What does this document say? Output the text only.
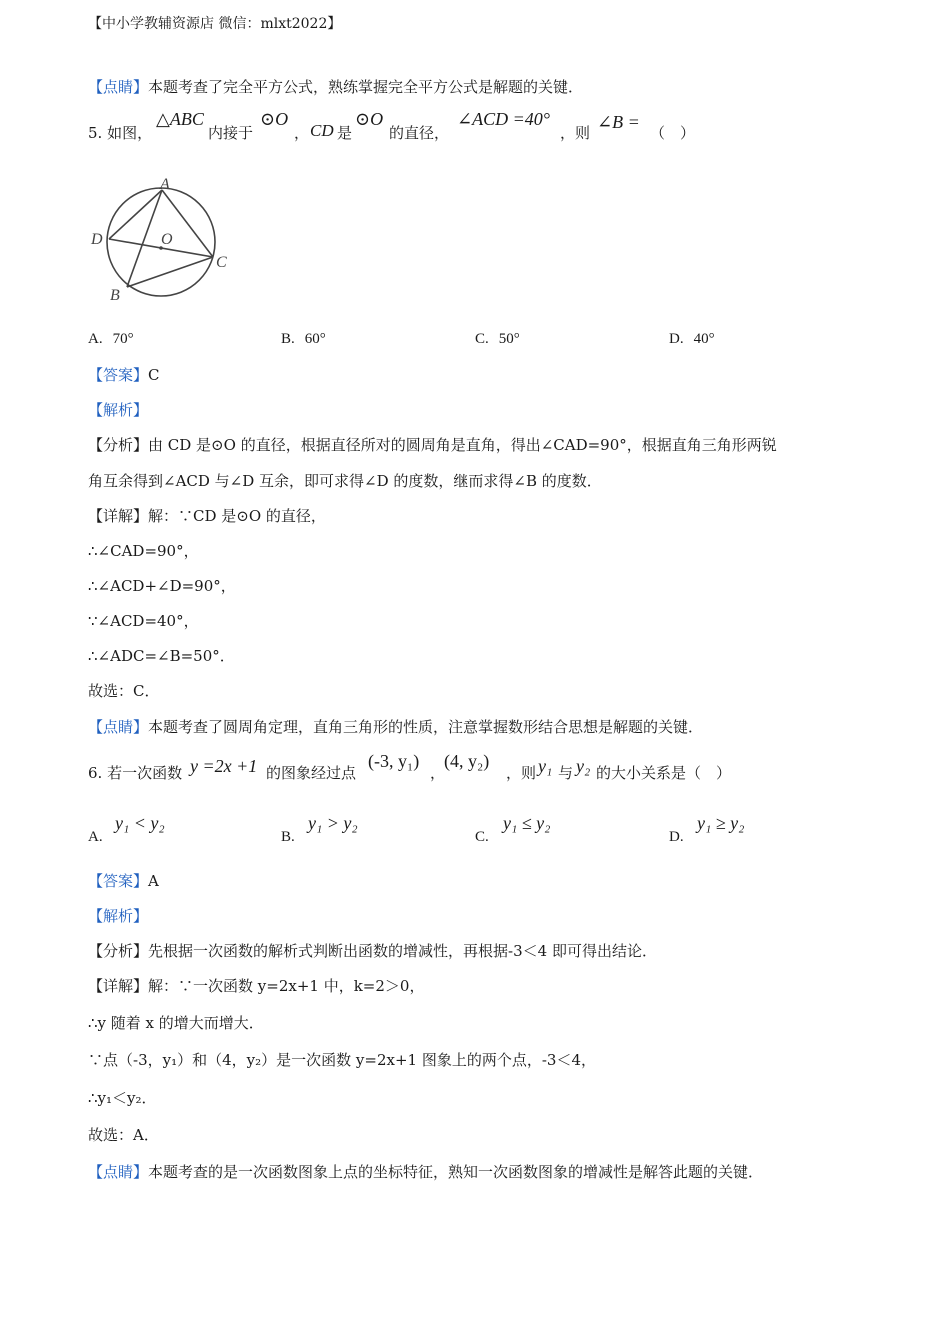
【中小学教辅资源店 微信：mlxt2022】
【点睛】本题考查了完全平方公式，熟练掌握完全平方公式是解题的关键．
5. 如图，
△ABC
内接于
⊙O
， CD 是
⊙O
的直径，
∠ACD =40°
，则
∠B =
（　）
A
D	O
C
B
A. 70°	B. 60°	C. 50°	D. 40°
【答案】C
【解析】
【分析】由 CD 是⊙O 的直径，根据直径所对的圆周角是直角，得出∠CAD=90°，根据直角三角形两锐
角互余得到∠ACD 与∠D 互余，即可求得∠D 的度数，继而求得∠B 的度数．
【详解】解：∵CD 是⊙O 的直径，
∴∠CAD=90°，
∴∠ACD+∠D=90°，
∵∠ACD=40°，
∴∠ADC=∠B=50°．
故选：C．
【点睛】本题考查了圆周角定理，直角三角形的性质，注意掌握数形结合思想是解题的关键．
6. 若一次函数 y =2x +1 的图象经过点
(-3, y₁)
，
(4, y₂)
，则 y₁ 与 y₂ 的大小关系是（　）
A.
y₁ < y₂
B.
y₁ > y₂
C.
y₁ ≤ y₂
D.
y₁ ≥ y₂
【答案】A
【解析】
【分析】先根据一次函数的解析式判断出函数的增减性，再根据-3＜4 即可得出结论．
【详解】解：∵一次函数 y=2x+1 中，k=2＞0，
∴y 随着 x 的增大而增大．
∵点（-3，y₁）和（4，y₂）是一次函数 y=2x+1 图象上的两个点，-3＜4，
∴y₁＜y₂．
故选：A．
【点睛】本题考查的是一次函数图象上点的坐标特征，熟知一次函数图象的增减性是解答此题的关键．
